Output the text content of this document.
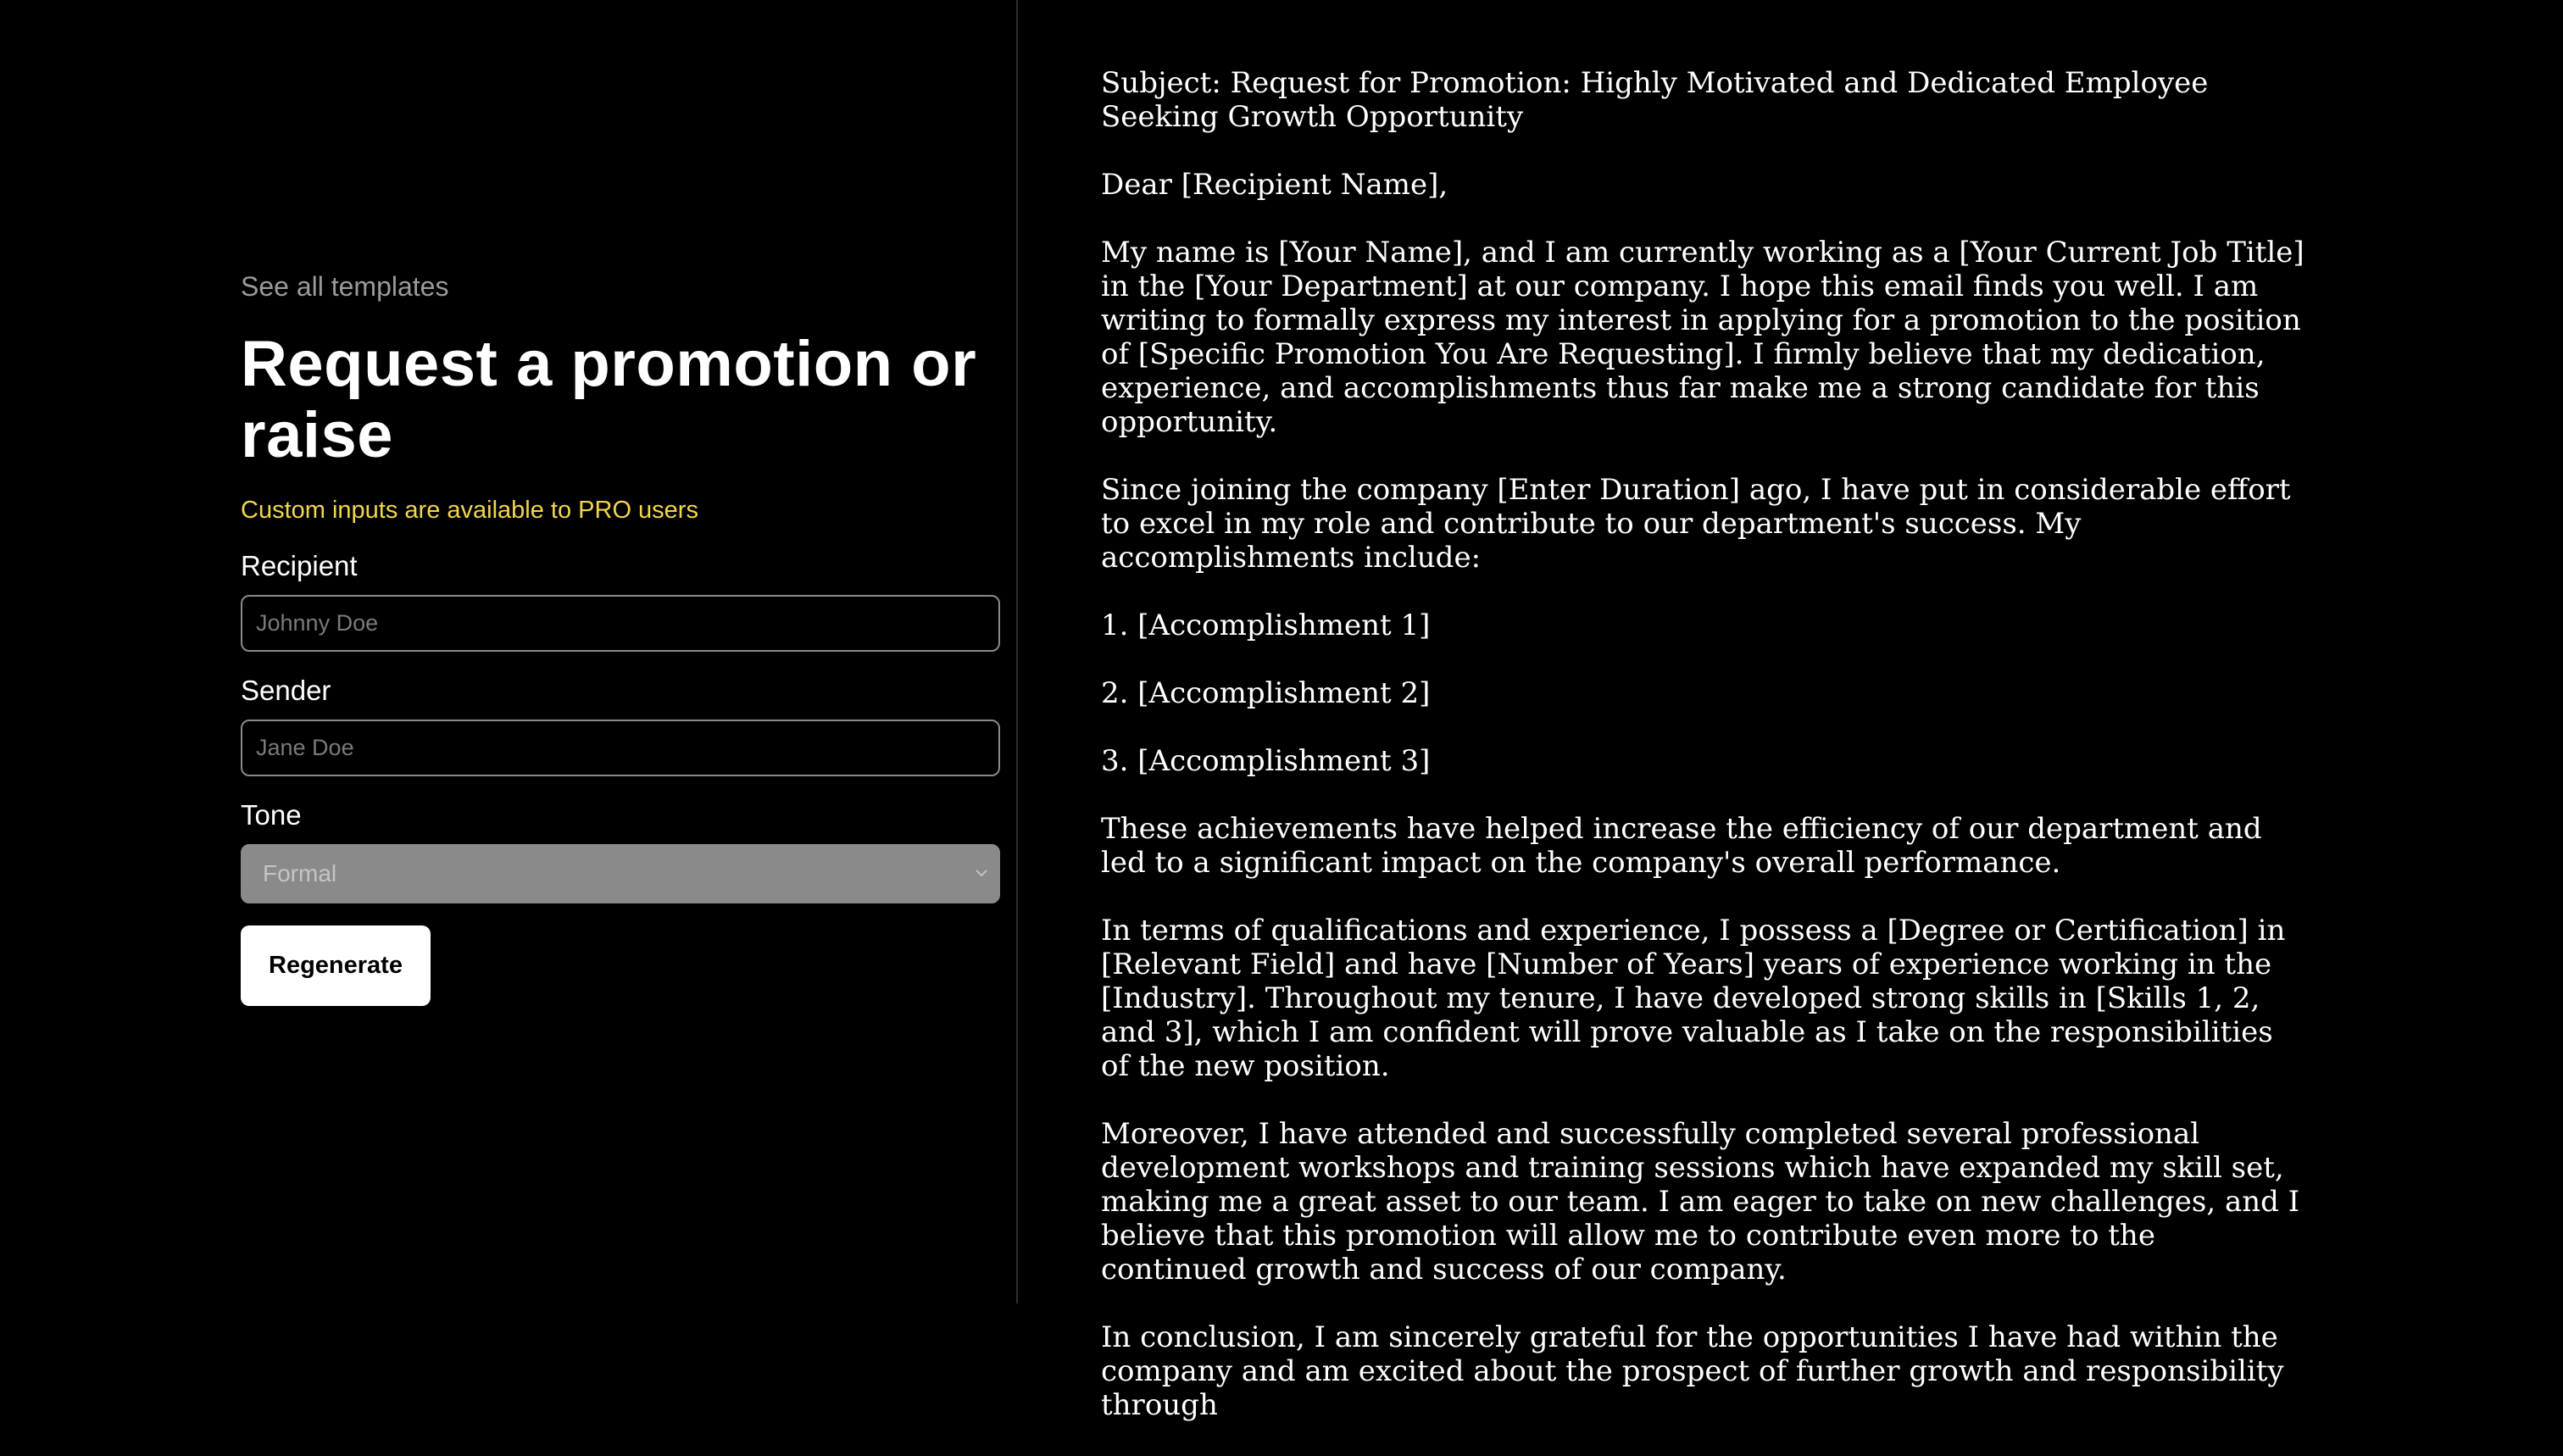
See all templates
Request a promotion or raise
Custom inputs are available to PRO users
Recipient
Johnny Doe
Sender
Jane Doe
Tone
Formal
Regenerate

Subject: Request for Promotion: Highly Motivated and Dedicated Employee Seeking Growth Opportunity

Dear [Recipient Name],

My name is [Your Name], and I am currently working as a [Your Current Job Title] in the [Your Department] at our company. I hope this email finds you well. I am writing to formally express my interest in applying for a promotion to the position of [Specific Promotion You Are Requesting]. I firmly believe that my dedication, experience, and accomplishments thus far make me a strong candidate for this opportunity.

Since joining the company [Enter Duration] ago, I have put in considerable effort to excel in my role and contribute to our department's success. My accomplishments include:

1. [Accomplishment 1]

2. [Accomplishment 2]

3. [Accomplishment 3]

These achievements have helped increase the efficiency of our department and led to a significant impact on the company's overall performance.

In terms of qualifications and experience, I possess a [Degree or Certification] in [Relevant Field] and have [Number of Years] years of experience working in the [Industry]. Throughout my tenure, I have developed strong skills in [Skills 1, 2, and 3], which I am confident will prove valuable as I take on the responsibilities of the new position.

Moreover, I have attended and successfully completed several professional development workshops and training sessions which have expanded my skill set, making me a great asset to our team. I am eager to take on new challenges, and I believe that this promotion will allow me to contribute even more to the continued growth and success of our company.

In conclusion, I am sincerely grateful for the opportunities I have had within the company and am excited about the prospect of further growth and responsibility through
